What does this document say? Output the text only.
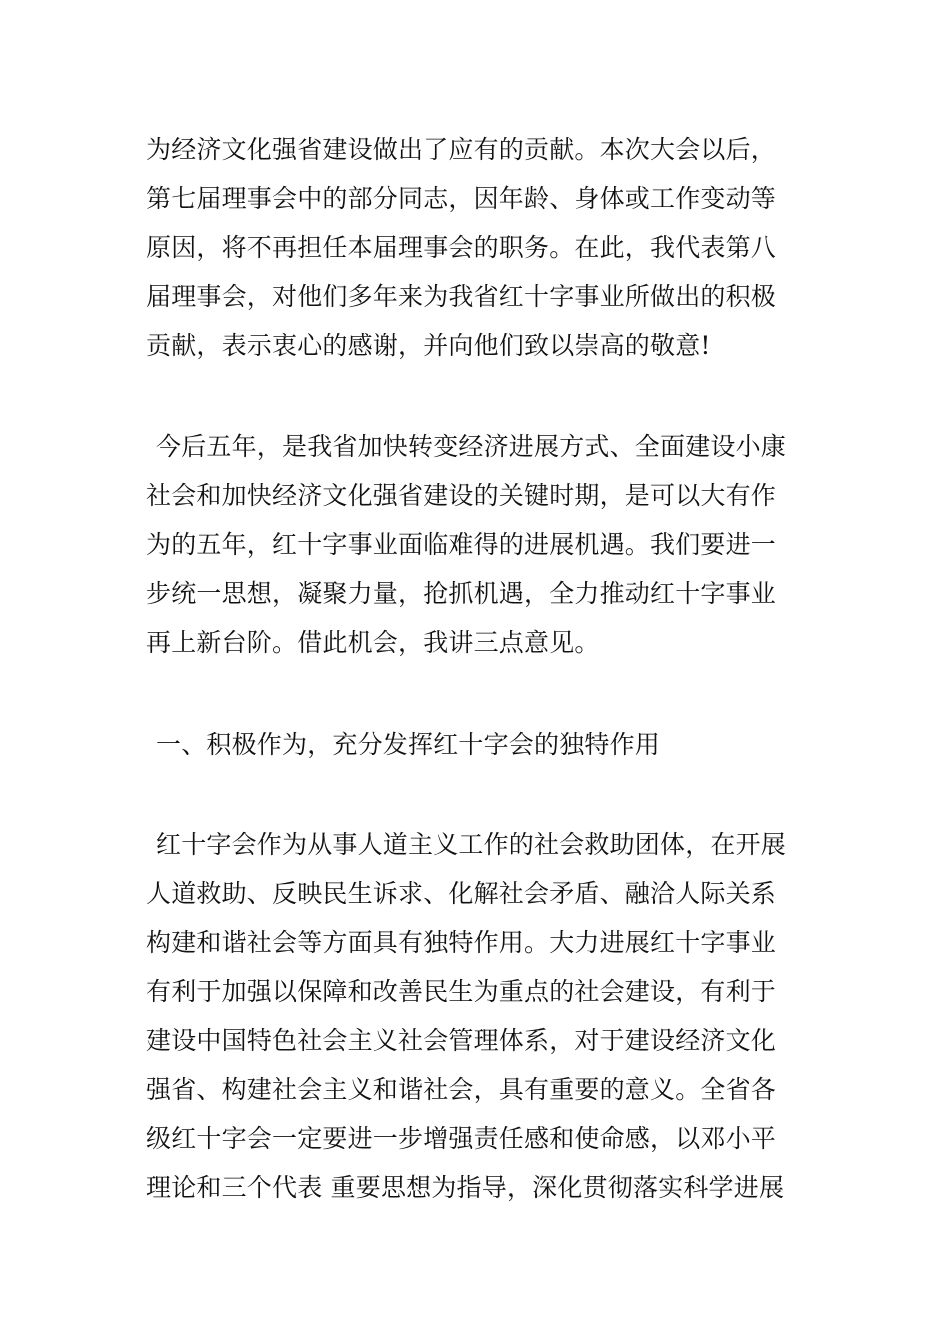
为经济文化强省建设做出了应有的贡献。本次大会以后，
第七届理事会中的部分同志，因年龄、身体或工作变动等
原因，将不再担任本届理事会的职务。在此，我代表第八
届理事会，对他们多年来为我省红十字事业所做出的积极
贡献，表示衷心的感谢，并向他们致以崇高的敬意!
今后五年，是我省加快转变经济进展方式、全面建设小康
社会和加快经济文化强省建设的关键时期，是可以大有作
为的五年，红十字事业面临难得的进展机遇。我们要进一
步统一思想，凝聚力量，抢抓机遇，全力推动红十字事业
再上新台阶。借此机会，我讲三点意见。
一、积极作为，充分发挥红十字会的独特作用
红十字会作为从事人道主义工作的社会救助团体，在开展
人道救助、反映民生诉求、化解社会矛盾、融洽人际关系
构建和谐社会等方面具有独特作用。大力进展红十字事业
有利于加强以保障和改善民生为重点的社会建设，有利于
建设中国特色社会主义社会管理体系，对于建设经济文化
强省、构建社会主义和谐社会，具有重要的意义。全省各
级红十字会一定要进一步增强责任感和使命感，以邓小平
理论和三个代表 重要思想为指导，深化贯彻落实科学进展
